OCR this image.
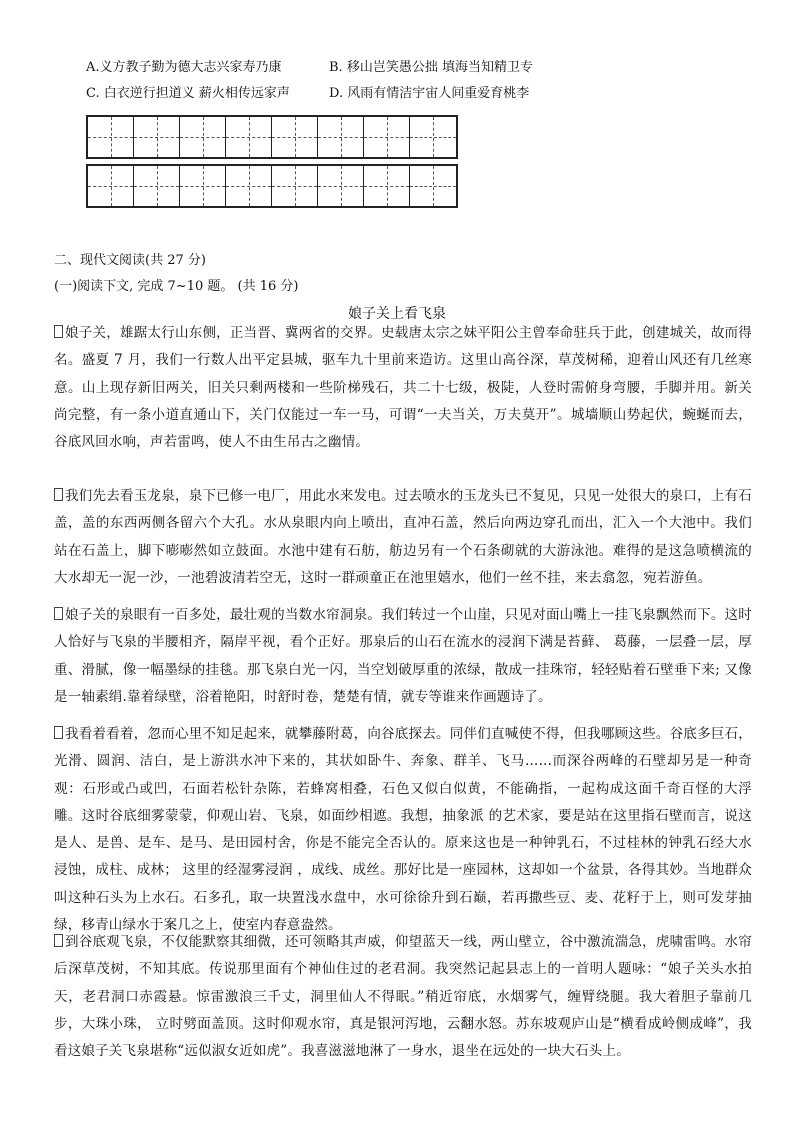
A.义方教子勤为德大志兴家寿乃康	B. 移山岂笑愚公拙 填海当知精卫专
C. 白衣逆行担道义 薪火相传远家声	D. 风雨有情洁宇宙人间重爱育桃李
二、现代文阅读(共 27 分)
(一)阅读下文, 完成 7~10 题。 (共 16 分)
娘子关上看飞泉
娘子关，雄踞太行山东侧，正当晋、冀两省的交界。史载唐太宗之妹平阳公主曾奉命驻兵于此，创建城关，故而得名。盛夏 7 月，我们一行数人出平定县城，驱车九十里前来造访。这里山高谷深，草茂树稀，迎着山风还有几丝寒意。山上现存新旧两关，旧关只剩两楼和一些阶梯残石，共二十七级，极陡，人登时需俯身弯腰，手脚并用。新关尚完整，有一条小道直通山下，关门仅能过一车一马，可谓“一夫当关，万夫莫开”。城墙顺山势起伏，蜿蜒而去，谷底风回水响，声若雷鸣，使人不由生吊古之幽情。
我们先去看玉龙泉，泉下已修一电厂，用此水来发电。过去喷水的玉龙头已不复见，只见一处很大的泉口，上有石盖，盖的东西两侧各留六个大孔。水从泉眼内向上喷出，直冲石盖，然后向两边穿孔而出，汇入一个大池中。我们站在石盖上，脚下嘭嘭然如立鼓面。水池中建有石舫，舫边另有一个石条砌就的大游泳池。难得的是这急喷横流的大水却无一泥一沙，一池碧波清若空无，这时一群顽童正在池里嬉水，他们一丝不挂，来去翕忽，宛若游鱼。
娘子关的泉眼有一百多处，最壮观的当数水帘洞泉。我们转过一个山崖，只见对面山嘴上一挂飞泉飘然而下。这时人恰好与飞泉的半腰相齐，隔岸平视，看个正好。那泉后的山石在流水的浸润下满是苔藓、 葛藤，一层叠一层，厚重、滑腻，像一幅墨绿的挂毯。那飞泉白光一闪，当空划破厚重的浓绿，散成一挂珠帘，轻轻贴着石壁垂下来; 又像是一轴素绢.靠着绿壁，浴着艳阳，时舒时卷，楚楚有情，就专等谁来作画题诗了。
我看着看着，忽而心里不知足起来，就攀藤附葛，向谷底探去。同伴们直喊使不得，但我哪顾这些。谷底多巨石，光滑、圆润、洁白，是上游洪水冲下来的，其状如卧牛、奔象、群羊、飞马……而深谷两峰的石壁却另是一种奇观：石形或凸或凹，石面若松针杂陈，若蜂窝相叠，石色又似白似黄，不能确指，一起构成这面千奇百怪的大浮雕。这时谷底细雾蒙蒙，仰观山岩、飞泉，如面纱相遮。我想，抽象派 的艺术家，要是站在这里指石壁而言，说这是人、是兽、是车、是马、是田园村舍，你是不能完全否认的。原来这也是一种钟乳石，不过桂林的钟乳石经大水浸蚀，成柱、成林； 这里的经湿雾浸润 ，成线、成丝。那好比是一座园林，这却如一个盆景，各得其妙。当地群众叫这种石头为上水石。石多孔，取一块置浅水盘中，水可徐徐升到石巅，若再撒些豆、麦、花籽于上，则可发芽抽绿，移青山绿水于案几之上，使室内春意盎然。
到谷底观飞泉，不仅能默察其细微，还可领略其声威，仰望蓝天一线，两山壁立，谷中激流湍急，虎啸雷鸣。水帘后深草茂树，不知其底。传说那里面有个神仙住过的老君洞。我突然记起县志上的一首明人题咏：“娘子关头水拍天，老君洞口赤霞悬。惊雷激浪三千丈，洞里仙人不得眠。”稍近帘底，水烟雾气，缠臂绕腿。我大着胆子靠前几步，大珠小珠， 立时劈面盖顶。这时仰观水帘，真是银河泻地，云翻水怒。苏东坡观庐山是“横看成岭侧成峰”，我看这娘子关飞泉堪称“远似淑女近如虎”。我喜滋滋地淋了一身水，退坐在远处的一块大石头上。
